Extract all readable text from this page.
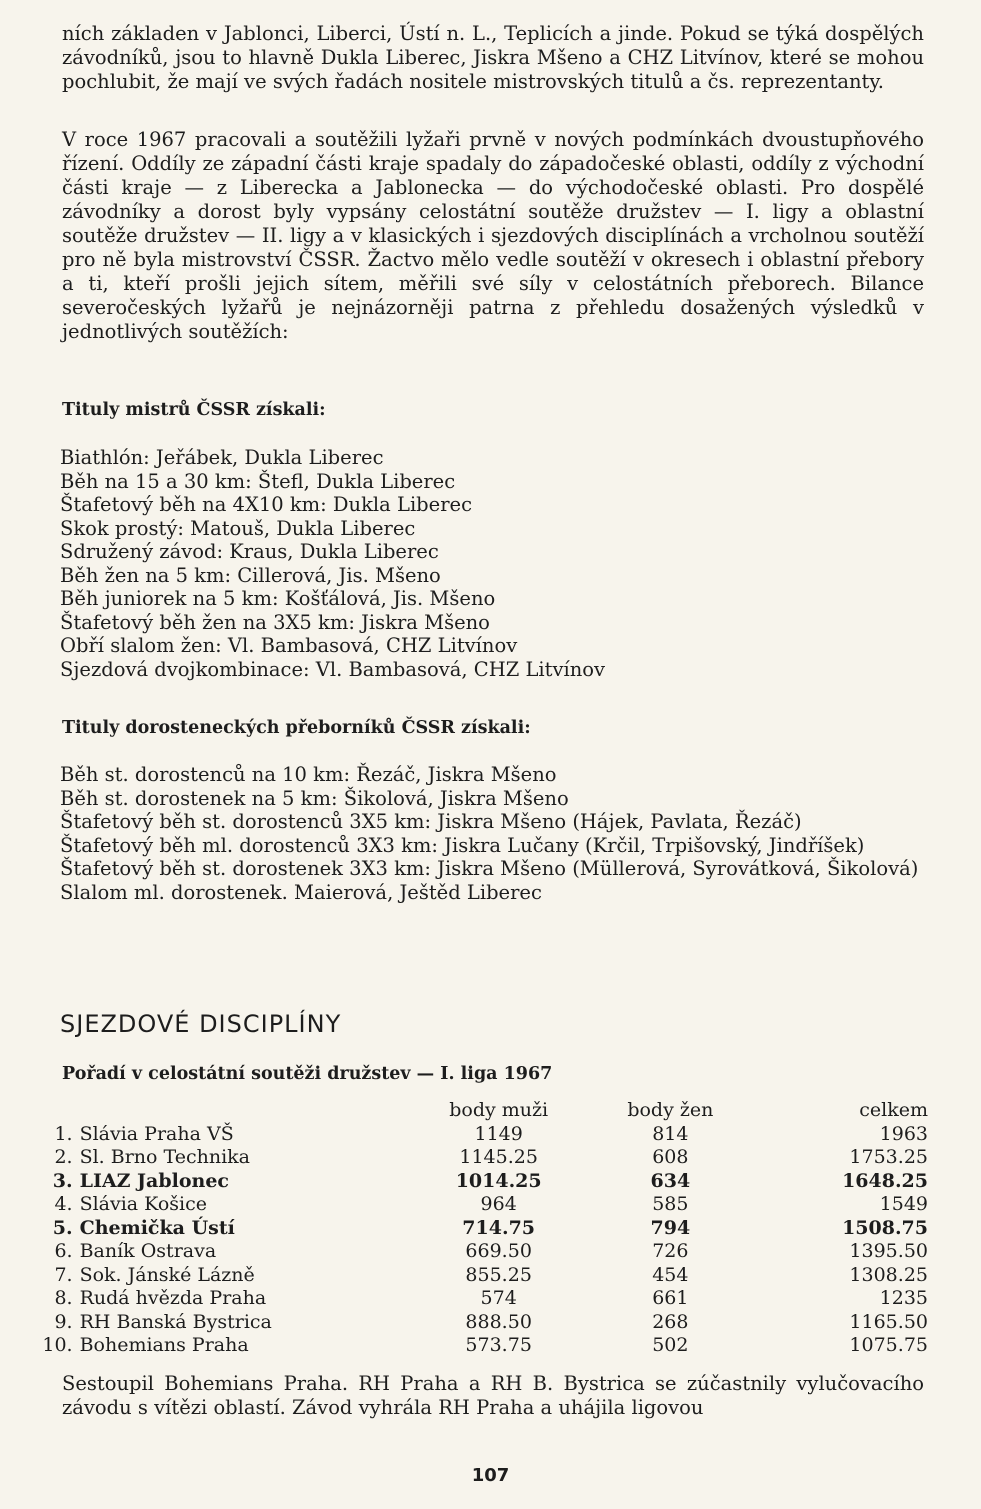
ních základen v Jablonci, Liberci, Ústí n. L., Teplicích a jinde. Pokud se týká dospělých závodníků, jsou to hlavně Dukla Liberec, Jiskra Mšeno a CHZ Litvínov, které se mohou pochlubit, že mají ve svých řadách nositele mistrovských titulů a čs. reprezentanty.

V roce 1967 pracovali a soutěžili lyžaři prvně v nových podmínkách dvoustupňového řízení. Oddíly ze západní části kraje spadaly do západočeské oblasti, oddíly z východní části kraje — z Liberecka a Jablonecka — do východočeské oblasti. Pro dospělé závodníky a dorost byly vypsány celostátní soutěže družstev — I. ligy a oblastní soutěže družstev — II. ligy a v klasických i sjezdových disciplínách a vrcholnou soutěží pro ně byla mistrovství ČSSR. Žactvo mělo vedle soutěží v okresech i oblastní přebory a ti, kteří prošli jejich sítem, měřili své síly v celostátních přeborech. Bilance severočeských lyžařů je nejnázorněji patrna z přehledu dosažených výsledků v jednotlivých soutěžích:

Tituly mistrů ČSSR získali:
Biathlón: Jeřábek, Dukla Liberec
Běh na 15 a 30 km: Štefl, Dukla Liberec
Štafetový běh na 4X10 km: Dukla Liberec
Skok prostý: Matouš, Dukla Liberec
Sdružený závod: Kraus, Dukla Liberec
Běh žen na 5 km: Cillerová, Jis. Mšeno
Běh juniorek na 5 km: Košťálová, Jis. Mšeno
Štafetový běh žen na 3X5 km: Jiskra Mšeno
Obří slalom žen: Vl. Bambasová, CHZ Litvínov
Sjezdová dvojkombinace: Vl. Bambasová, CHZ Litvínov
Tituly dorosteneckých přeborníků ČSSR získali:
Běh st. dorostenců na 10 km: Řezáč, Jiskra Mšeno
Běh st. dorostenek na 5 km: Šikolová, Jiskra Mšeno
Štafetový běh st. dorostenců 3X5 km: Jiskra Mšeno (Hájek, Pavlata, Řezáč)
Štafetový běh ml. dorostenců 3X3 km: Jiskra Lučany (Krčil, Trpišovský, Jindříšek)
Štafetový běh st. dorostenek 3X3 km: Jiskra Mšeno (Müllerová, Syrovátková, Šikolová)
Slalom ml. dorostenek. Maierová, Ještěd Liberec
SJEZDOVÉ DISCIPLÍNY
Pořadí v celostátní soutěži družstev — I. liga 1967
		body muži	body žen	celkem
1.	Slávia Praha VŠ	1149	814	1963
2.	Sl. Brno Technika	1145.25	608	1753.25
3.	LIAZ Jablonec	1014.25	634	1648.25
4.	Slávia Košice	964	585	1549
5.	Chemička Ústí	714.75	794	1508.75
6.	Baník Ostrava	669.50	726	1395.50
7.	Sok. Jánské Lázně	855.25	454	1308.25
8.	Rudá hvězda Praha	574	661	1235
9.	RH Banská Bystrica	888.50	268	1165.50
10.	Bohemians Praha	573.75	502	1075.75

Sestoupil Bohemians Praha. RH Praha a RH B. Bystrica se zúčastnily vylučovacího závodu s vítězi oblastí. Závod vyhrála RH Praha a uhájila ligovou

107
